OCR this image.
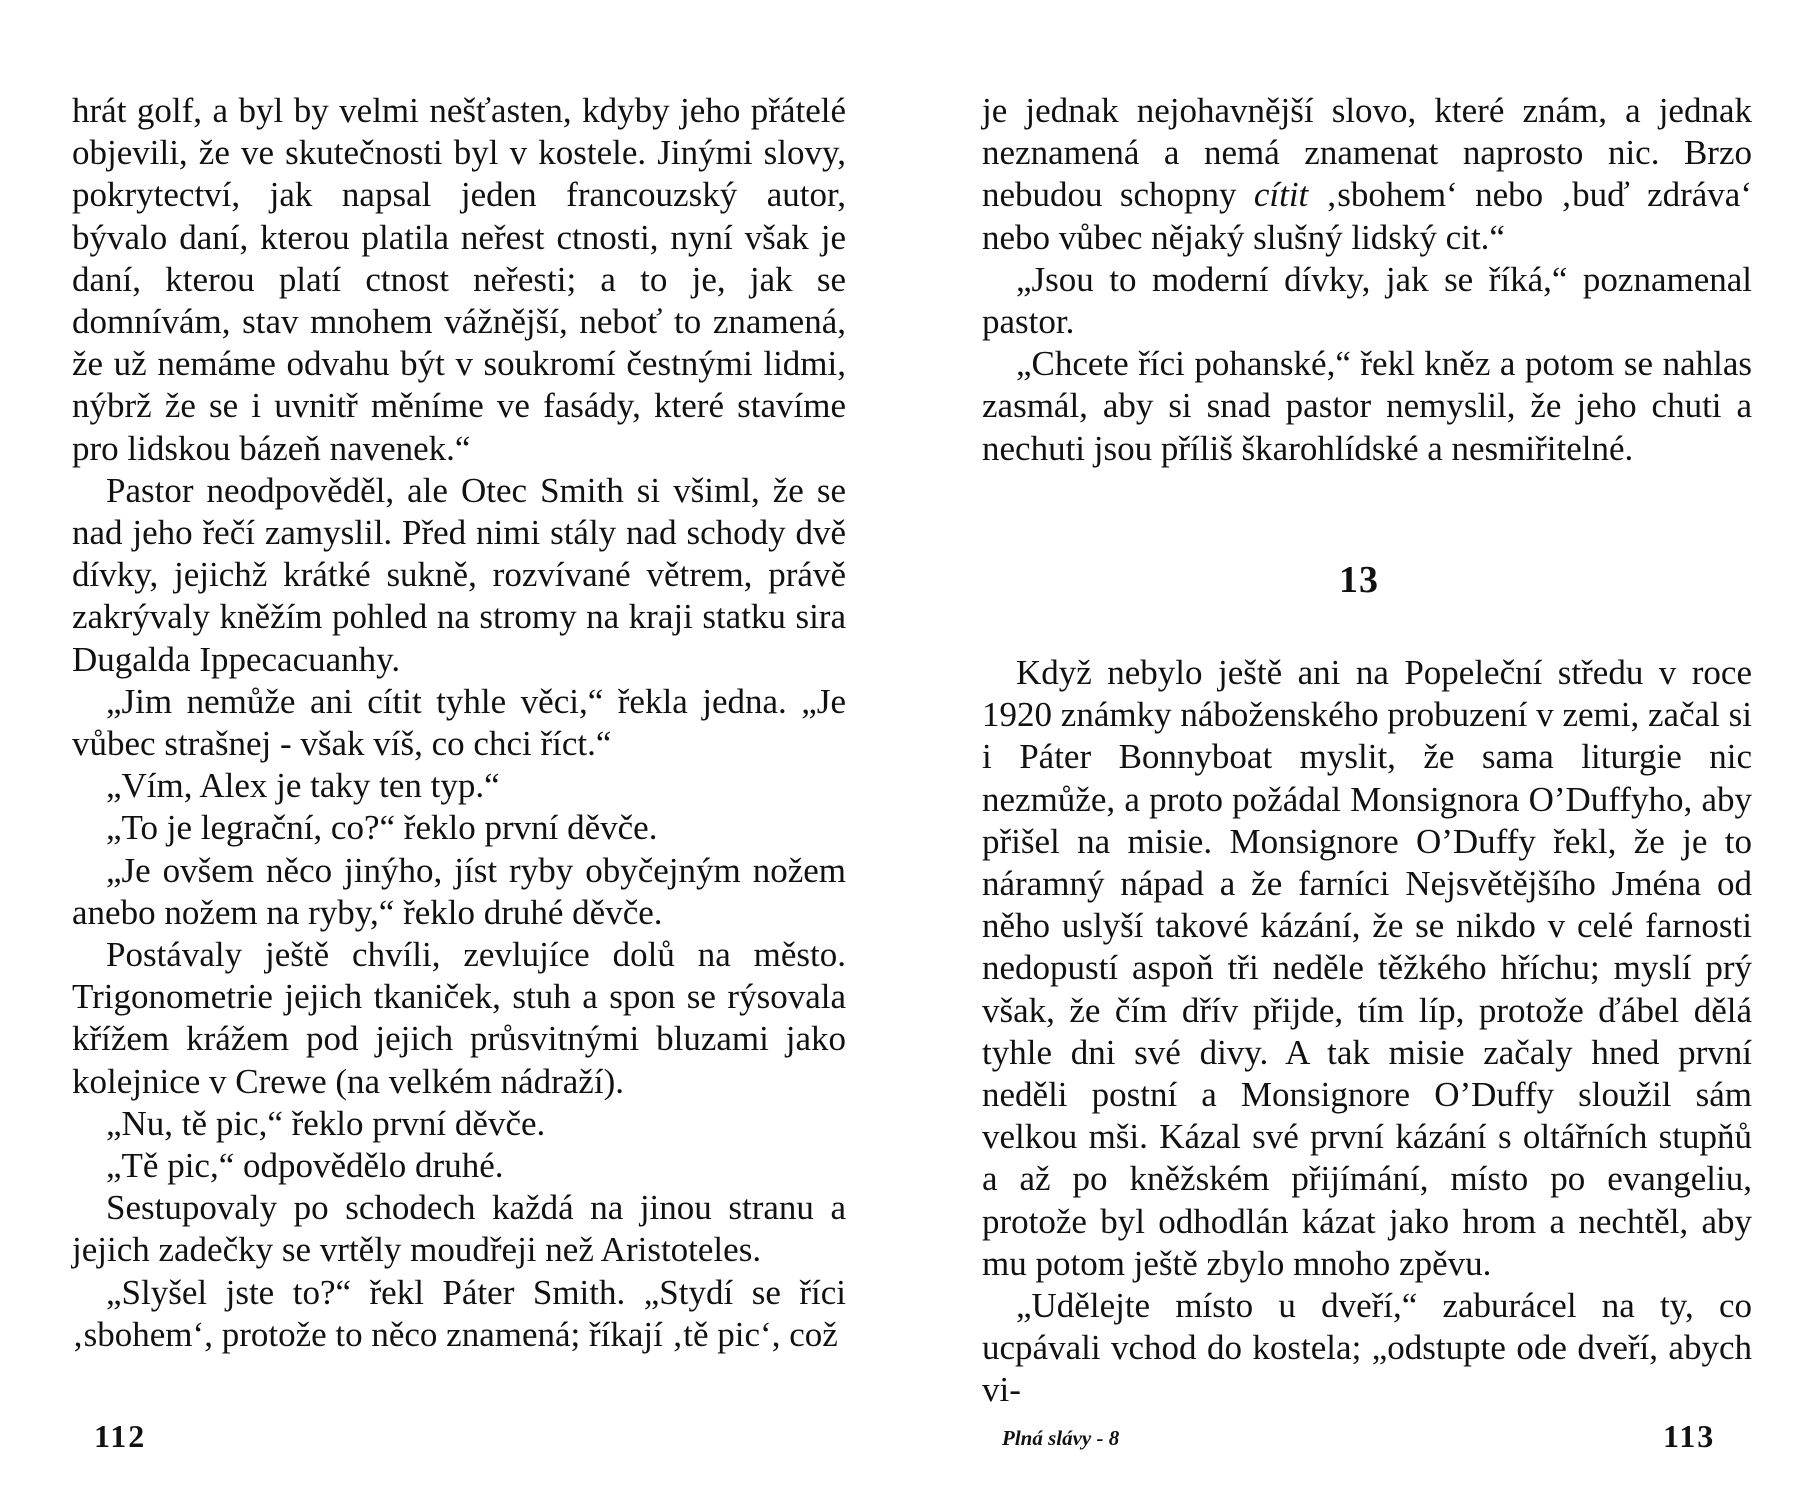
hrát golf, a byl by velmi nešťasten, kdyby jeho přátelé objevili, že ve skutečnosti byl v kostele. Jinými slovy, pokrytectví, jak napsal jeden francouzský autor, bývalo daní, kterou platila neřest ctnosti, nyní však je daní, kterou platí ctnost neřesti; a to je, jak se domnívám, stav mnohem vážnější, neboť to znamená, že už nemáme odvahu být v soukromí čestnými lidmi, nýbrž že se i uvnitř měníme ve fasády, které stavíme pro lidskou bázeň navenek.“

Pastor neodpověděl, ale Otec Smith si všiml, že se nad jeho řečí zamyslil. Před nimi stály nad schody dvě dívky, jejichž krátké sukně, rozvívané větrem, právě zakrývaly kněžím pohled na stromy na kraji statku sira Dugalda Ippecacuanhy.

„Jim nemůže ani cítit tyhle věci,“ řekla jedna. „Je vůbec strašnej - však víš, co chci říct.“

„Vím, Alex je taky ten typ.“

„To je legrační, co?“ řeklo první děvče.

„Je ovšem něco jinýho, jíst ryby obyčejným nožem anebo nožem na ryby,“ řeklo druhé děvče.

Postávaly ještě chvíli, zevlujíce dolů na město. Trigonometrie jejich tkaniček, stuh a spon se rýsovala křížem krážem pod jejich průsvitnými bluzami jako kolejnice v Crewe (na velkém nádraží).

„Nu, tě pic,“ řeklo první děvče.

„Tě pic,“ odpovědělo druhé.

Sestupovaly po schodech každá na jinou stranu a jejich zadečky se vrtěly moudřeji než Aristoteles.

„Slyšel jste to?“ řekl Páter Smith. „Stydí se říci ‚sbohem‘, protože to něco znamená; říkají ‚tě pic‘, což

112

je jednak nejohavnější slovo, které znám, a jednak neznamená a nemá znamenat naprosto nic. Brzo nebudou schopny cítit ‚sbohem‘ nebo ‚buď zdráva‘ nebo vůbec nějaký slušný lidský cit.“

„Jsou to moderní dívky, jak se říká,“ poznamenal pastor.

„Chcete říci pohanské,“ řekl kněz a potom se nahlas zasmál, aby si snad pastor nemyslil, že jeho chuti a nechuti jsou příliš škarohlídské a nesmiřitelné.

13

Když nebylo ještě ani na Popeleční středu v roce 1920 známky náboženského probuzení v zemi, začal si i Páter Bonnyboat myslit, že sama liturgie nic nezmůže, a proto požádal Monsignora O’Duffyho, aby přišel na misie. Monsignore O’Duffy řekl, že je to náramný nápad a že farníci Nejsvětějšího Jména od něho uslyší takové kázání, že se nikdo v celé farnosti nedopustí aspoň tři neděle těžkého hříchu; myslí prý však, že čím dřív přijde, tím líp, protože ďábel dělá tyhle dni své divy. A tak misie začaly hned první neděli postní a Monsignore O’Duffy sloužil sám velkou mši. Kázal své první kázání s oltářních stupňů a až po kněžském přijímání, místo po evangeliu, protože byl odhodlán kázat jako hrom a nechtěl, aby mu potom ještě zbylo mnoho zpěvu.

„Udělejte místo u dveří,“ zaburácel na ty, co ucpávali vchod do kostela; „odstupte ode dveří, abych vi-

Plná slávy - 8	113
